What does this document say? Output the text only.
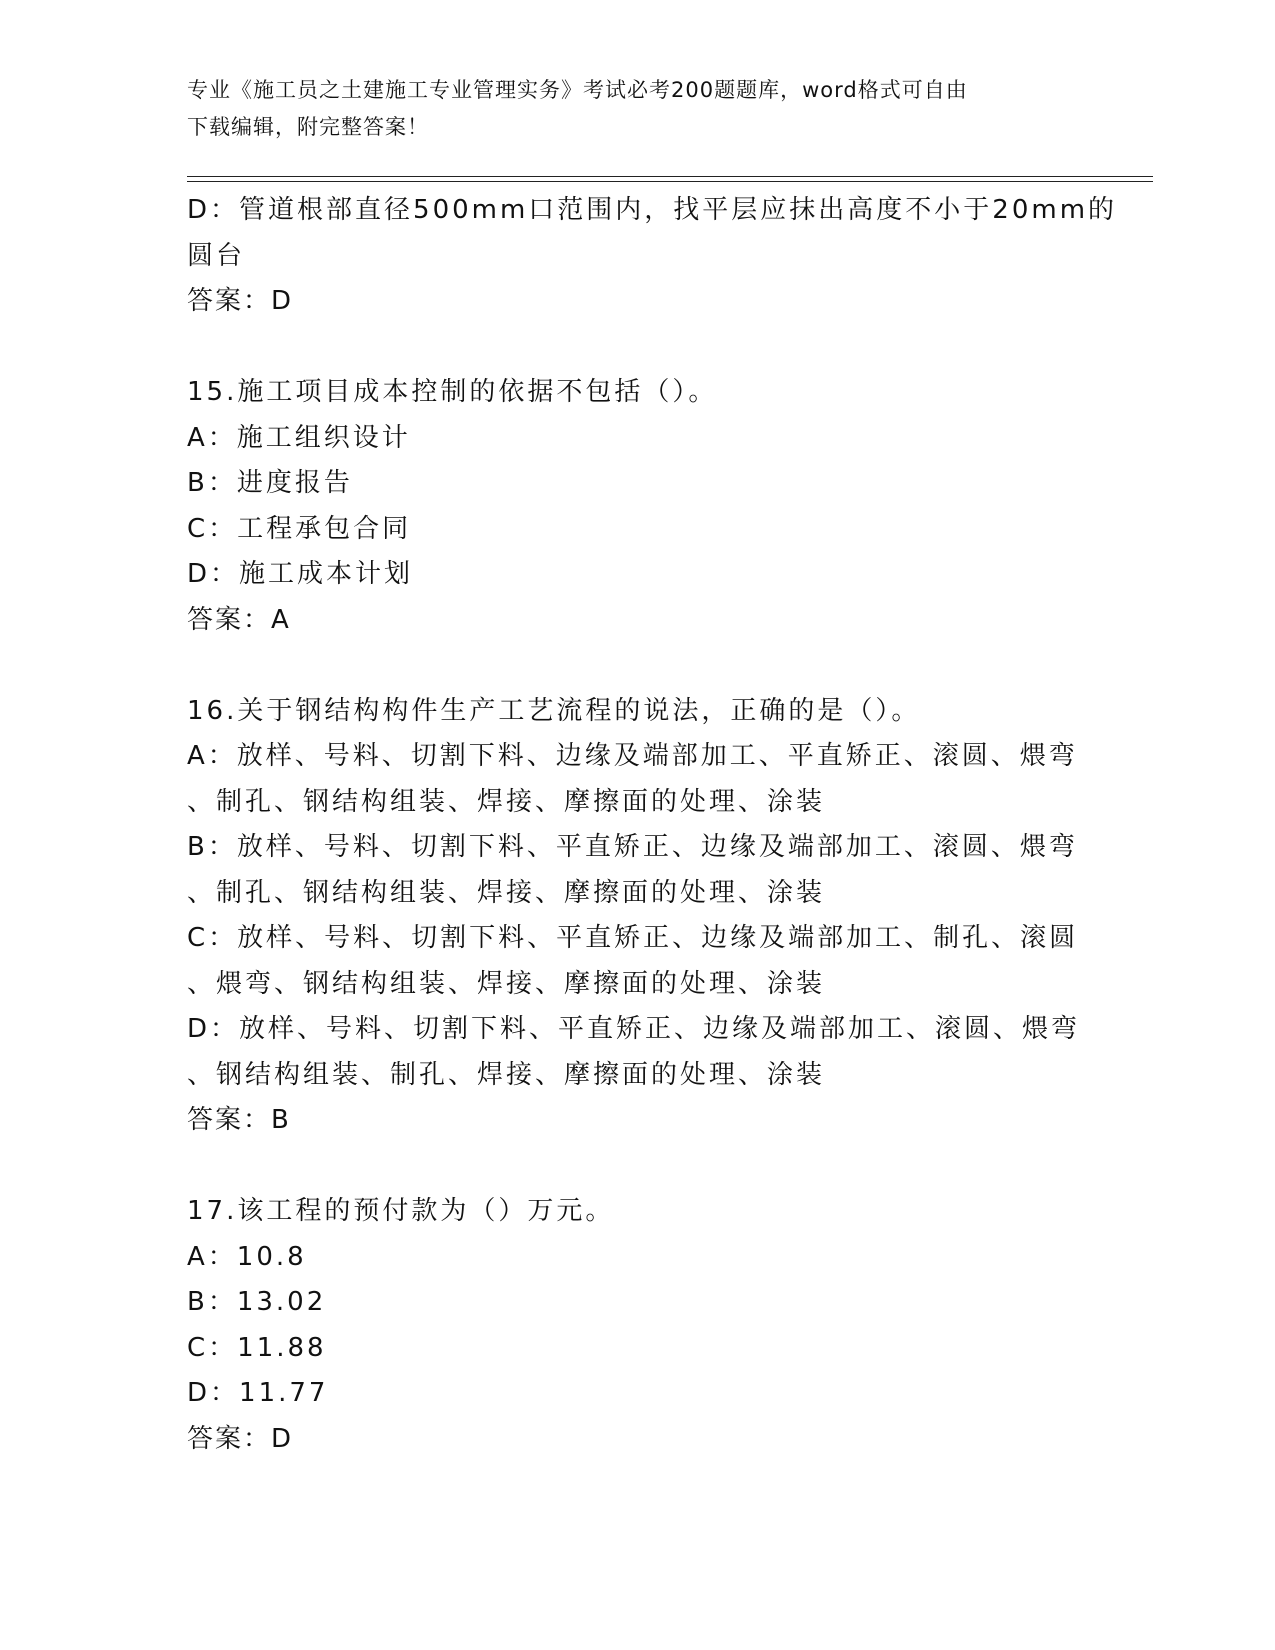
专业《施工员之土建施工专业管理实务》考试必考200题题库，word格式可自由
下载编辑，附完整答案！
D：管道根部直径500mm口范围内，找平层应抹出高度不小于20mm的
圆台
答案：D
15.施工项目成本控制的依据不包括（）。
A：施工组织设计
B：进度报告
C：工程承包合同
D：施工成本计划
答案：A
16.关于钢结构构件生产工艺流程的说法，正确的是（）。
A：放样、号料、切割下料、边缘及端部加工、平直矫正、滚圆、煨弯
、制孔、钢结构组装、焊接、摩擦面的处理、涂装
B：放样、号料、切割下料、平直矫正、边缘及端部加工、滚圆、煨弯
、制孔、钢结构组装、焊接、摩擦面的处理、涂装
C：放样、号料、切割下料、平直矫正、边缘及端部加工、制孔、滚圆
、煨弯、钢结构组装、焊接、摩擦面的处理、涂装
D：放样、号料、切割下料、平直矫正、边缘及端部加工、滚圆、煨弯
、钢结构组装、制孔、焊接、摩擦面的处理、涂装
答案：B
17.该工程的预付款为（）万元。
A：10.8
B：13.02
C：11.88
D：11.77
答案：D
